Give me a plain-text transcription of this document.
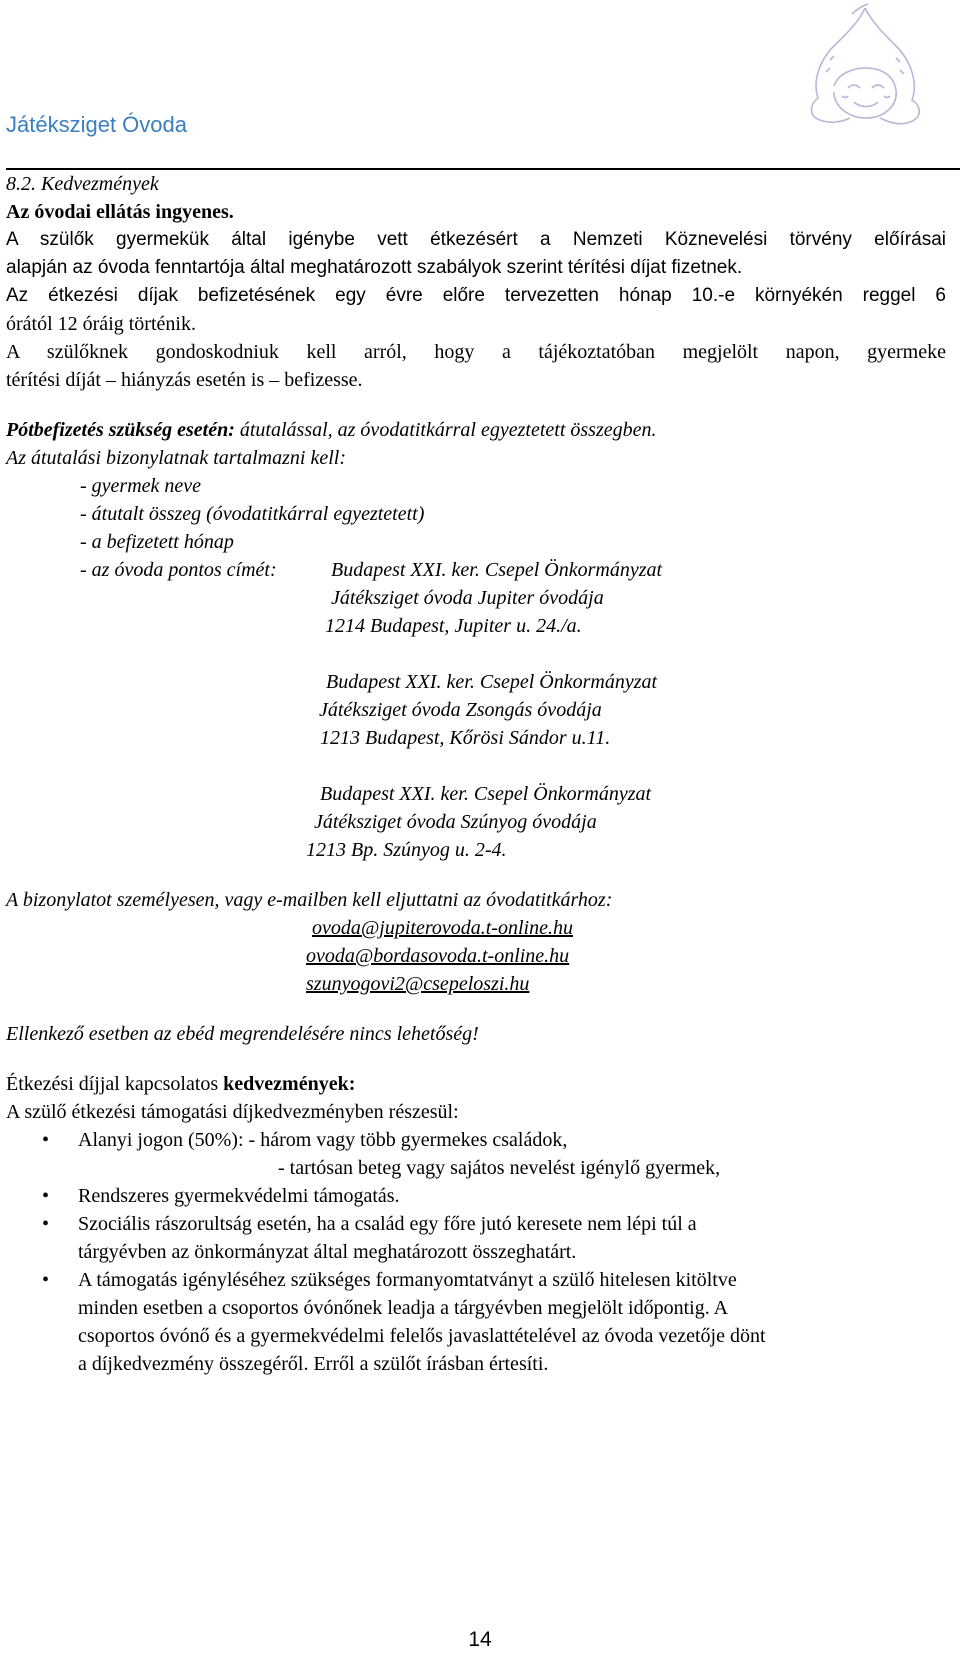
Játéksziget Óvoda
8.2. Kedvezmények
Az óvodai ellátás ingyenes.
A szülők gyermekük által igénybe vett étkezésért a Nemzeti Köznevelési törvény előírásai
alapján az óvoda fenntartója által meghatározott szabályok szerint térítési díjat fizetnek.
Az étkezési díjak befizetésének egy évre előre tervezetten hónap 10.-e környékén reggel 6
órától 12 óráig történik.
A szülőknek gondoskodniuk kell arról, hogy a tájékoztatóban megjelölt napon, gyermeke
térítési díját – hiányzás esetén is – befizesse.
Pótbefizetés szükség esetén: átutalással, az óvodatitkárral egyeztetett összegben.
Az átutalási bizonylatnak tartalmazni kell:
- gyermek neve
- átutalt összeg (óvodatitkárral egyeztetett)
- a befizetett hónap
- az óvoda pontos címét:	Budapest XXI. ker. Csepel Önkormányzat
Játéksziget óvoda Jupiter óvodája
1214 Budapest, Jupiter u. 24./a.

Budapest XXI. ker. Csepel Önkormányzat
Játéksziget óvoda Zsongás óvodája
1213 Budapest, Kőrösi Sándor u.11.

Budapest XXI. ker. Csepel Önkormányzat
Játéksziget óvoda Szúnyog óvodája
1213 Bp. Szúnyog u. 2-4.
A bizonylatot személyesen, vagy e-mailben kell eljuttatni az óvodatitkárhoz:
ovoda@jupiterovoda.t-online.hu
ovoda@bordasovoda.t-online.hu
szunyogovi2@csepeloszi.hu
Ellenkező esetben az ebéd megrendelésére nincs lehetőség!
Étkezési díjjal kapcsolatos kedvezmények:
A szülő étkezési támogatási díjkedvezményben részesül:
• Alanyi jogon (50%): - három vagy több gyermekes családok,
- tartósan beteg vagy sajátos nevelést igénylő gyermek,
• Rendszeres gyermekvédelmi támogatás.
• Szociális rászorultság esetén, ha a család egy főre jutó keresete nem lépi túl a
tárgyévben az önkormányzat által meghatározott összeghatárt.
• A támogatás igényléséhez szükséges formanyomtatványt a szülő hitelesen kitöltve
minden esetben a csoportos óvónőnek leadja a tárgyévben megjelölt időpontig. A
csoportos óvónő és a gyermekvédelmi felelős javaslattételével az óvoda vezetője dönt
a díjkedvezmény összegéről. Erről a szülőt írásban értesíti.
14
